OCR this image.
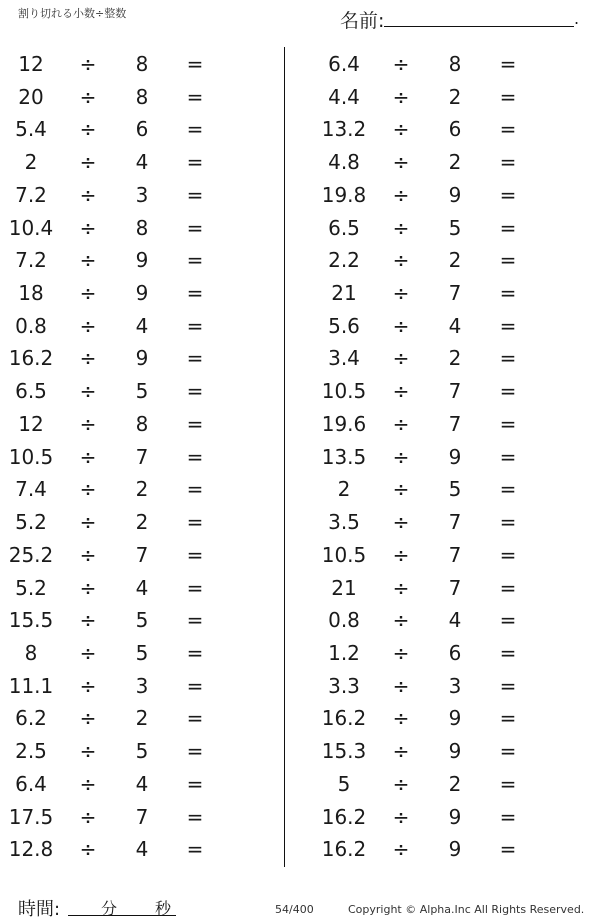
割り切れる小数÷整数	名前:	.
12	÷ 8 =
20	÷ 8 =
5.4	÷ 6 =
2	÷ 4 =
7.2	÷ 3 =
10.4 ÷ 8 =
7.2	÷ 9 =
18	÷ 9 =
0.8	÷ 4 =
16.2 ÷ 9 =
6.5	÷ 5 =
12	÷ 8 =
10.5 ÷ 7 =
7.4	÷ 2 =
5.2	÷ 2 =
25.2 ÷ 7 =
5.2	÷ 4 =
15.5 ÷ 5 =
8	÷ 5 =
11.1 ÷ 3 =
6.2	÷ 2 =
2.5	÷ 5 =
6.4	÷ 4 =
17.5 ÷ 7 =
12.8 ÷ 4 =
6.4	÷ 8 =
4.4	÷ 2 =
13.2 ÷ 6 =
4.8	÷ 2 =
19.8 ÷ 9 =
6.5	÷ 5 =
2.2	÷ 2 =
21	÷ 7 =
5.6	÷ 4 =
3.4	÷ 2 =
10.5 ÷ 7 =
19.6 ÷ 7 =
13.5 ÷ 9 =
2	÷ 5 =
3.5	÷ 7 =
10.5 ÷ 7 =
21	÷ 7 =
0.8	÷ 4 =
1.2	÷ 6 =
3.3	÷ 3 =
16.2 ÷ 9 =
15.3 ÷ 9 =
5	÷ 2 =
16.2 ÷ 9 =
16.2 ÷ 9 =
時間:	分 秒	54/400	Copyright © Alpha.Inc All Rights Reserved.
